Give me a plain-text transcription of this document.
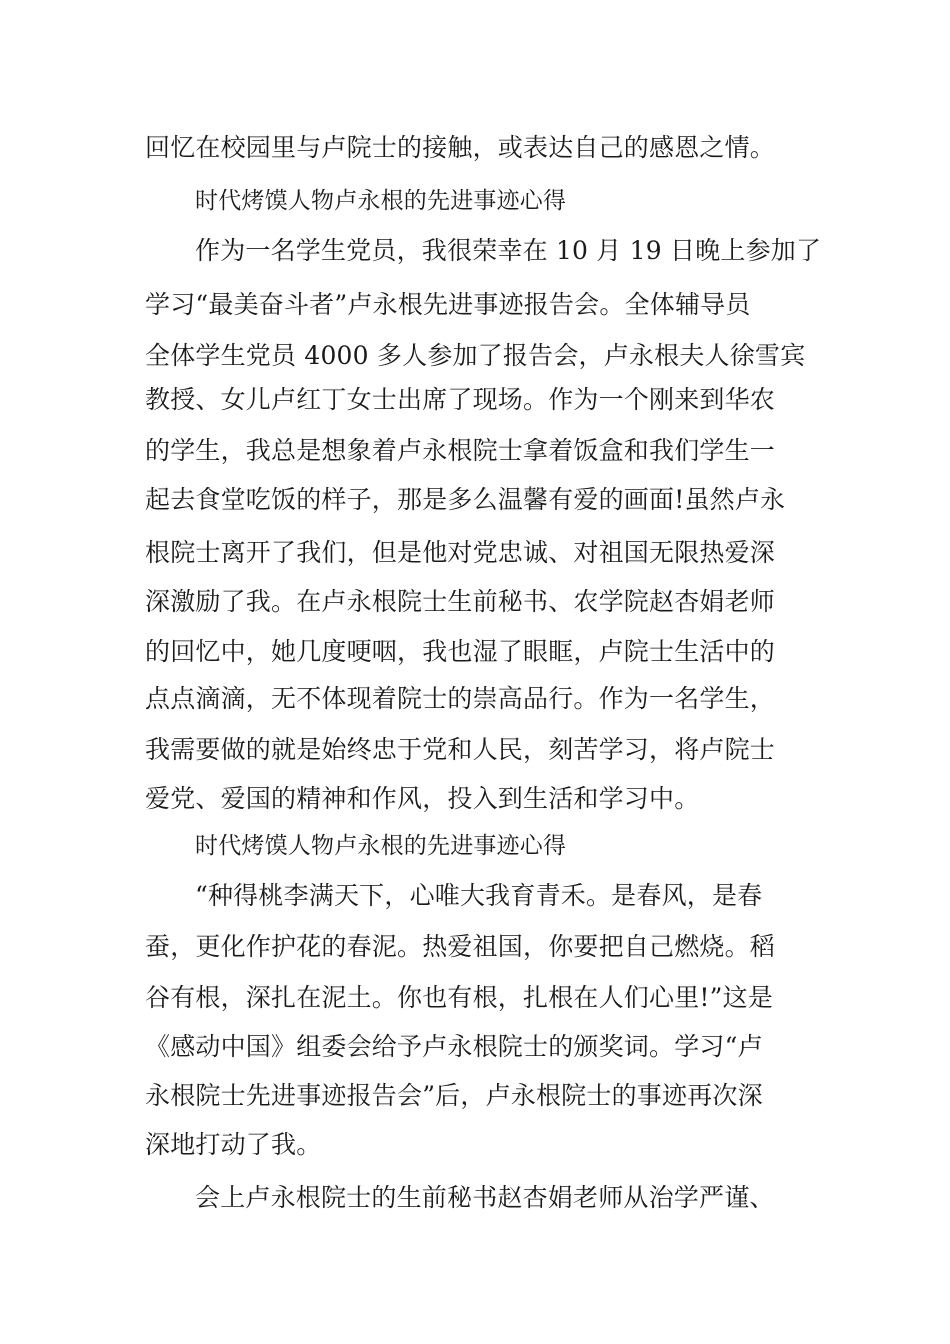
回忆在校园里与卢院士的接触，或表达自己的感恩之情。
时代烤馍人物卢永根的先进事迹心得
作为一名学生党员，我很荣幸在 10 月 19 日晚上参加了
学习“最美奋斗者”卢永根先进事迹报告会。全体辅导员
全体学生党员 4000 多人参加了报告会，卢永根夫人徐雪宾
教授、女儿卢红丁女士出席了现场。作为一个刚来到华农
的学生，我总是想象着卢永根院士拿着饭盒和我们学生一
起去食堂吃饭的样子，那是多么温馨有爱的画面!虽然卢永
根院士离开了我们，但是他对党忠诚、对祖国无限热爱深
深激励了我。在卢永根院士生前秘书、农学院赵杏娟老师
的回忆中，她几度哽咽，我也湿了眼眶，卢院士生活中的
点点滴滴，无不体现着院士的崇高品行。作为一名学生，
我需要做的就是始终忠于党和人民，刻苦学习，将卢院士
爱党、爱国的精神和作风，投入到生活和学习中。
时代烤馍人物卢永根的先进事迹心得
“种得桃李满天下，心唯大我育青禾。是春风，是春
蚕，更化作护花的春泥。热爱祖国，你要把自己燃烧。稻
谷有根，深扎在泥土。你也有根，扎根在人们心里!”这是
《感动中国》组委会给予卢永根院士的颁奖词。学习“卢
永根院士先进事迹报告会”后，卢永根院士的事迹再次深
深地打动了我。
会上卢永根院士的生前秘书赵杏娟老师从治学严谨、
